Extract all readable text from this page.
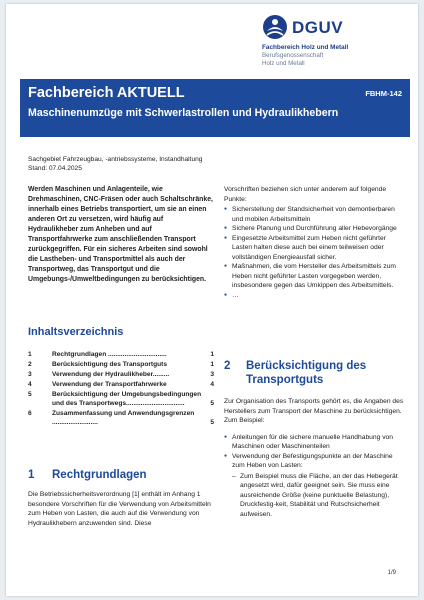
DGUV
Fachbereich Holz und Metall
Berufsgenossenschaft
Holz und Metall
Fachbereich AKTUELL	FBHM-142
Maschinenumzüge mit Schwerlastrollen und Hydraulikhebern
Sachgebiet Fahrzeugbau, -antriebssysteme, Instandhaltung
Stand: 07.04.2025

Werden Maschinen und Anlagenteile, wie Drehmaschinen, CNC-Fräsen oder auch Schaltschränke, innerhalb eines Betriebs transportiert, um sie an einen anderen Ort zu versetzen, wird häufig auf Hydraulikheber zum Anheben und auf Transportfahrwerke zum anschließenden Transport zurückgegriffen. Für ein sicheres Arbeiten sind sowohl die Lastheben- und Transportmittel als auch der Transportweg, das Transportgut und die Umgebungs-/Umweltbedingungen zu berücksichtigen.

Inhaltsverzeichnis
1	Rechtgrundlagen ................................	1
2	Berücksichtigung des Transportguts	1
3	Verwendung der Hydraulikheber.........	3
4	Verwendung der Transportfahrwerke	4
5	Berücksichtigung der Umgebungsbedingungen und des Transportwegs................................	5
6	Zusammenfassung und Anwendungsgrenzen .........................	5
1 Rechtgrundlagen

Die Betriebssicherheitsverordnung [1] enthält im Anhang 1 besondere Vorschriften für die Verwendung von Arbeitsmitteln zum Heben von Lasten, die auch auf die Verwendung von Hydraulikhebern anzuwenden sind. Diese

Vorschriften beziehen sich unter anderem auf folgende Punkte:

● Sicherstellung der Standsicherheit von demontierbaren und mobilen Arbeitsmitteln
● Sichere Planung und Durchführung aller Hebevorgänge
● Eingesetzte Arbeitsmittel zum Heben nicht geführter Lasten halten diese auch bei einem teilweisen oder vollständigen Energieausfall sicher.
● Maßnahmen, die vom Hersteller des Arbeitsmittels zum Heben nicht geführter Lasten vorgegeben werden, insbesondere gegen das Umkippen des Arbeitsmittels.
● …
2 Berücksichtigung des Transportguts

Zur Organisation des Transports gehört es, die Angaben des Herstellers zum Transport der Maschine zu berücksichtigen. Zum Beispiel:

● Anleitungen für die sichere manuelle Handhabung von Maschinen oder Maschinenteilen
● Verwendung der Befestigungspunkte an der Maschine zum Heben von Lasten:
– Zum Beispiel muss die Fläche, an der das Hebegerät angesetzt wird, dafür geeignet sein. Sie muss eine ausreichende Größe (keine punktuelle Belastung), Druckfestig-keit, Stabilität und Rutschsicherheit aufweisen.
1/9
